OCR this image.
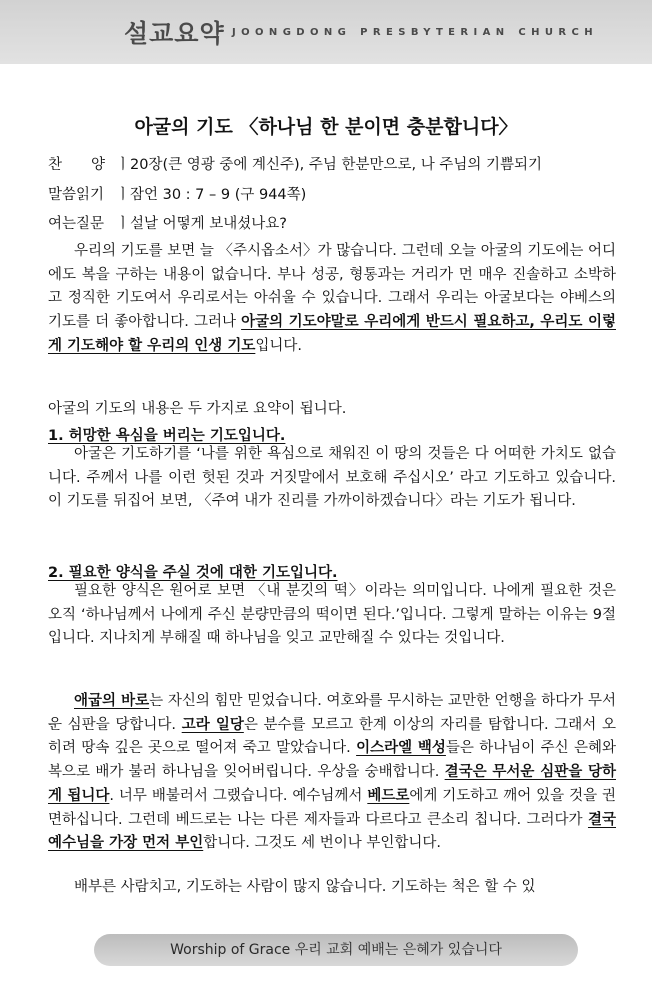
설교요약 JOONGDONG PRESBYTERIAN CHURCH
아굴의 기도 〈하나님 한 분이면 충분합니다〉
찬　　양 ㅣ20장(큰 영광 중에 계신주), 주님 한분만으로, 나 주님의 기쁨되기
말씀읽기 ㅣ잠언 30 : 7 – 9 (구 944쪽)
여는질문 ㅣ설날 어떻게 보내셨나요?

우리의 기도를 보면 늘 〈주시옵소서〉가 많습니다. 그런데 오늘 아굴의 기도에는 어디에도 복을 구하는 내용이 없습니다. 부나 성공, 형통과는 거리가 먼 매우 진솔하고 소박하고 정직한 기도여서 우리로서는 아쉬울 수 있습니다. 그래서 우리는 아굴보다는 야베스의 기도를 더 좋아합니다. 그러나 아굴의 기도야말로 우리에게 반드시 필요하고, 우리도 이렇게 기도해야 할 우리의 인생 기도입니다.

아굴의 기도의 내용은 두 가지로 요약이 됩니다.

1. 허망한 욕심을 버리는 기도입니다.

아굴은 기도하기를 ‘나를 위한 욕심으로 채워진 이 땅의 것들은 다 어떠한 가치도 없습니다. 주께서 나를 이런 헛된 것과 거짓말에서 보호해 주십시오’ 라고 기도하고 있습니다. 이 기도를 뒤집어 보면, 〈주여 내가 진리를 가까이하겠습니다〉라는 기도가 됩니다.

2. 필요한 양식을 주실 것에 대한 기도입니다.

필요한 양식은 원어로 보면 〈내 분깃의 떡〉이라는 의미입니다. 나에게 필요한 것은 오직 ‘하나님께서 나에게 주신 분량만큼의 떡이면 된다.’입니다. 그렇게 말하는 이유는 9절입니다. 지나치게 부해질 때 하나님을 잊고 교만해질 수 있다는 것입니다.

애굽의 바로는 자신의 힘만 믿었습니다. 여호와를 무시하는 교만한 언행을 하다가 무서운 심판을 당합니다. 고라 일당은 분수를 모르고 한계 이상의 자리를 탐합니다. 그래서 오히려 땅속 깊은 곳으로 떨어져 죽고 말았습니다. 이스라엘 백성들은 하나님이 주신 은혜와 복으로 배가 불러 하나님을 잊어버립니다. 우상을 숭배합니다. 결국은 무서운 심판을 당하게 됩니다. 너무 배불러서 그랬습니다. 예수님께서 베드로에게 기도하고 깨어 있을 것을 권면하십니다. 그런데 베드로는 나는 다른 제자들과 다르다고 큰소리 칩니다. 그러다가 결국 예수님을 가장 먼저 부인합니다. 그것도 세 번이나 부인합니다.

배부른 사람치고, 기도하는 사람이 많지 않습니다. 기도하는 척은 할 수 있

Worship of Grace 우리 교회 예배는 은혜가 있습니다
